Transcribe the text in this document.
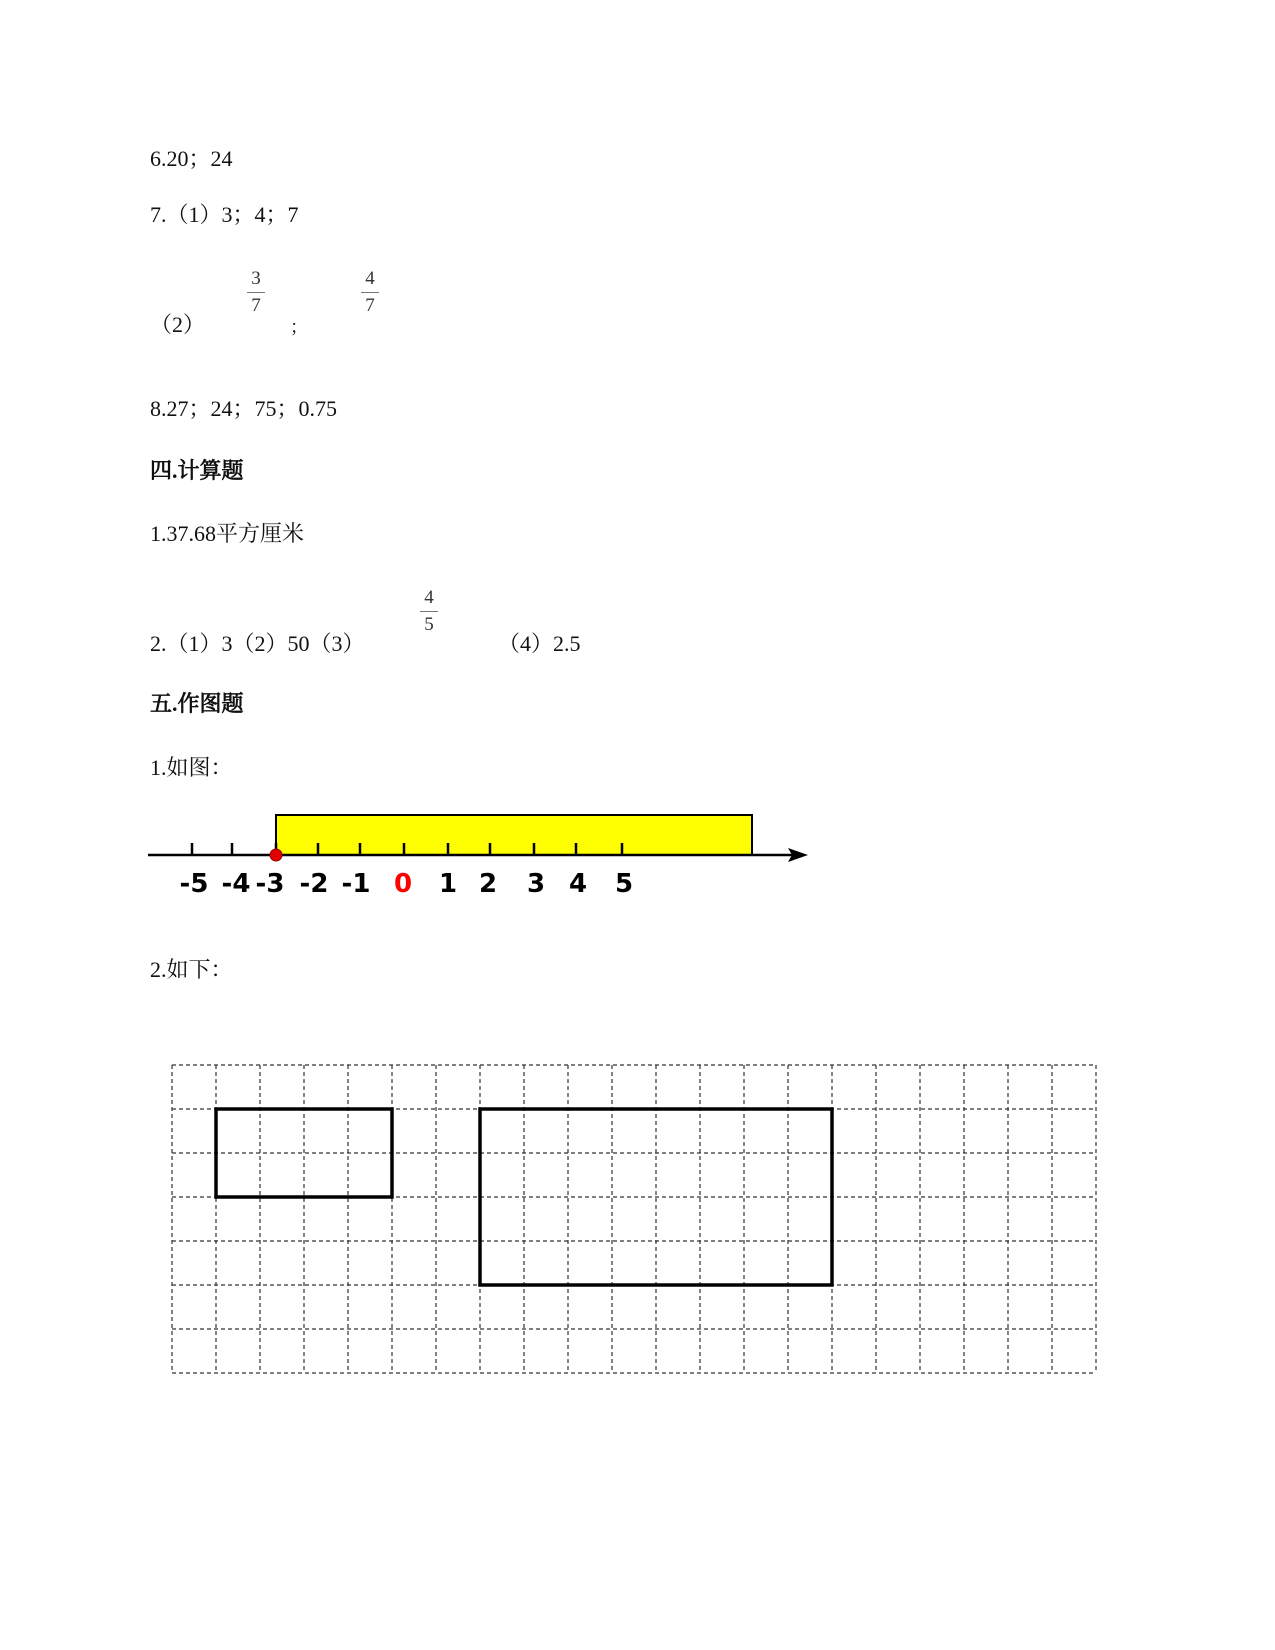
6.20；24
7.（1）3；4；7
（2）
3
7
；
4
7
8.27；24；75；0.75
四.计算题
1.37.68平方厘米
2.（1）3（2）50（3）
4
5
（4）2.5
五.作图题
1.如图：
-5 -4 -3 -2 -1 0 1 2 3 4 5
2.如下：
